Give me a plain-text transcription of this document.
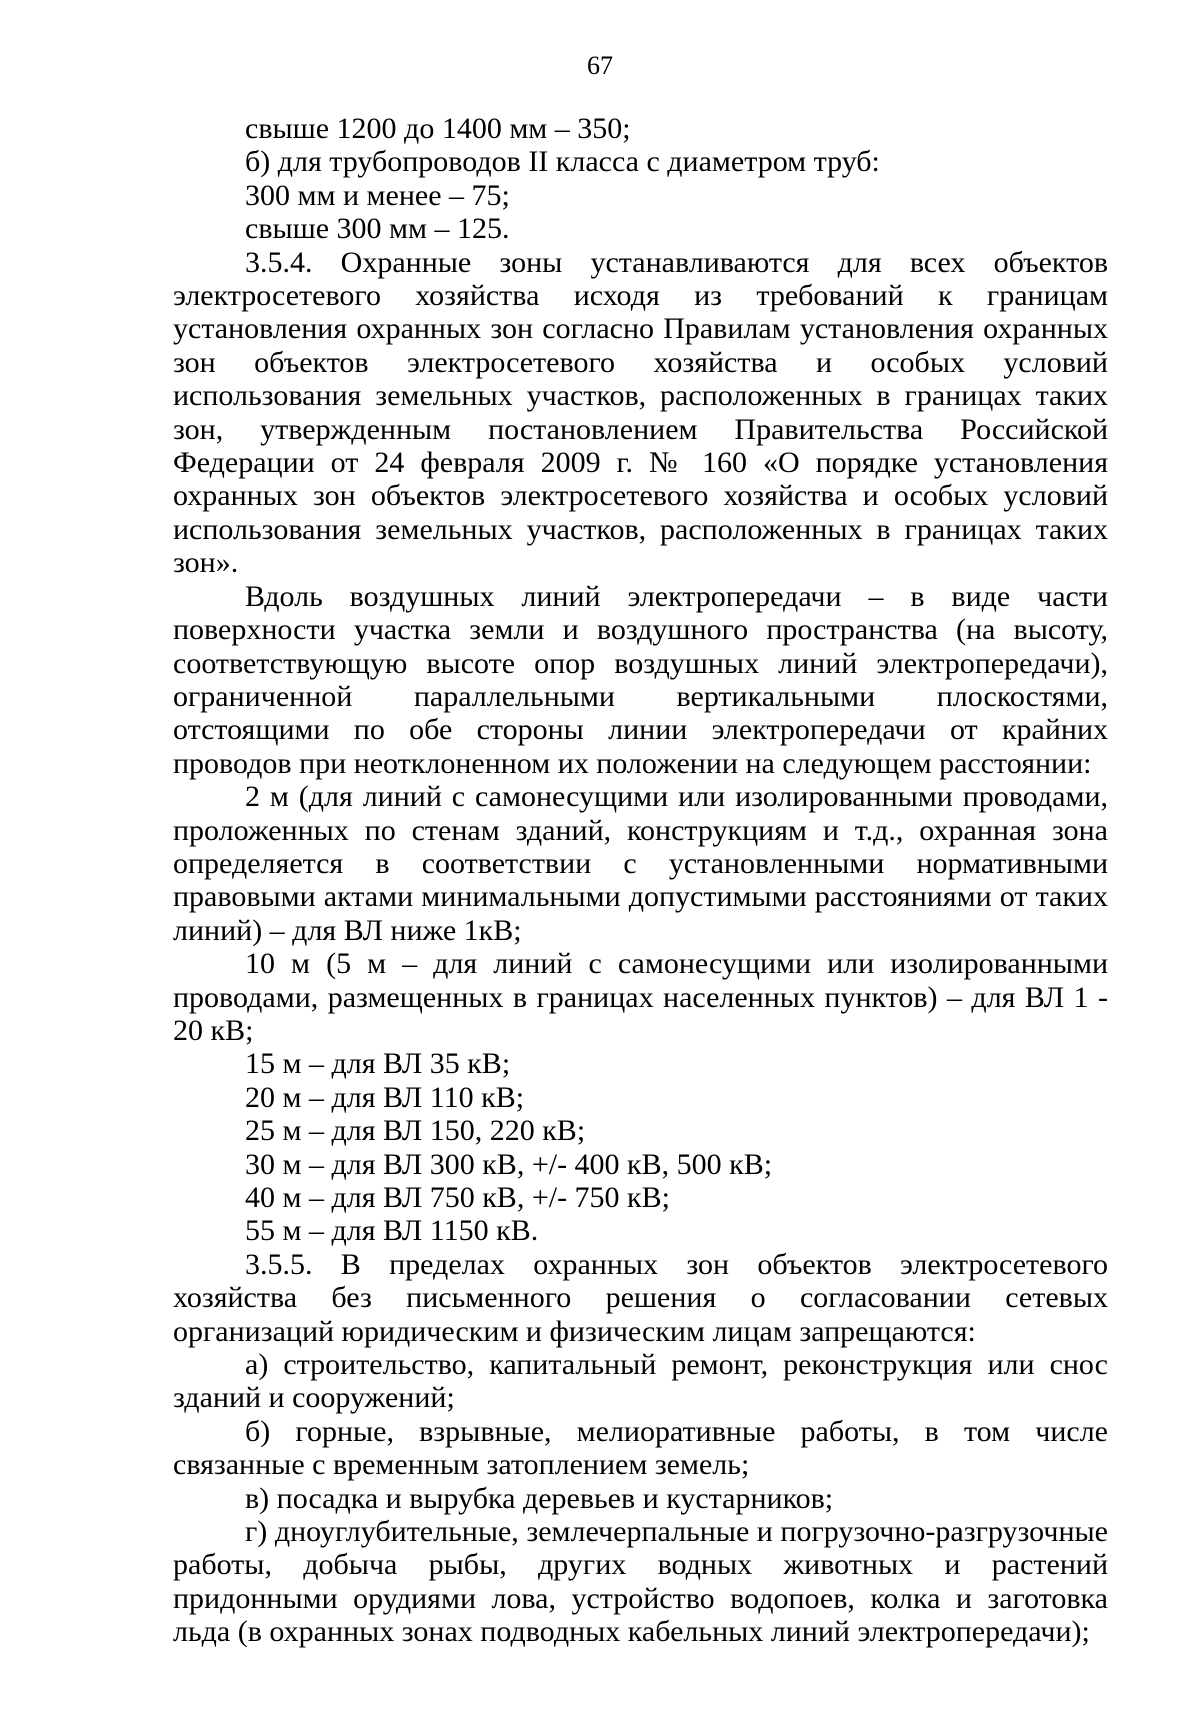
67

свыше 1200 до 1400 мм – 350;

б) для трубопроводов II класса с диаметром труб:

300 мм и менее – 75;

свыше 300 мм – 125.

3.5.4. Охранные зоны устанавливаются для всех объектов электросетевого хозяйства исходя из требований к границам установления охранных зон согласно Правилам установления охранных зон объектов электросетевого хозяйства и особых условий использования земельных участков, расположенных в границах таких зон, утвержденным постановлением Правительства Российской Федерации от 24 февраля 2009 г. № 160 «О порядке установления охранных зон объектов электросетевого хозяйства и особых условий использования земельных участков, расположенных в границах таких зон».

Вдоль воздушных линий электропередачи – в виде части поверхности участка земли и воздушного пространства (на высоту, соответствующую высоте опор воздушных линий электропередачи), ограниченной параллельными вертикальными плоскостями, отстоящими по обе стороны линии электропередачи от крайних проводов при неотклоненном их положении на следующем расстоянии:

2 м (для линий с самонесущими или изолированными проводами, проложенных по стенам зданий, конструкциям и т.д., охранная зона определяется в соответствии с установленными нормативными правовыми актами минимальными допустимыми расстояниями от таких линий) – для ВЛ ниже 1кВ;

10 м (5 м – для линий с самонесущими или изолированными проводами, размещенных в границах населенных пунктов) – для ВЛ 1 - 20 кВ;

15 м – для ВЛ 35 кВ;

20 м – для ВЛ 110 кВ;

25 м – для ВЛ 150, 220 кВ;

30 м – для ВЛ 300 кВ, +/- 400 кВ, 500 кВ;

40 м – для ВЛ 750 кВ, +/- 750 кВ;

55 м – для ВЛ 1150 кВ.

3.5.5. В пределах охранных зон объектов электросетевого хозяйства без письменного решения о согласовании сетевых организаций юридическим и физическим лицам запрещаются:

а) строительство, капитальный ремонт, реконструкция или снос зданий и сооружений;

б) горные, взрывные, мелиоративные работы, в том числе связанные с временным затоплением земель;

в) посадка и вырубка деревьев и кустарников;

г) дноуглубительные, землечерпальные и погрузочно-разгрузочные работы, добыча рыбы, других водных животных и растений придонными орудиями лова, устройство водопоев, колка и заготовка льда (в охранных зонах подводных кабельных линий электропередачи);
